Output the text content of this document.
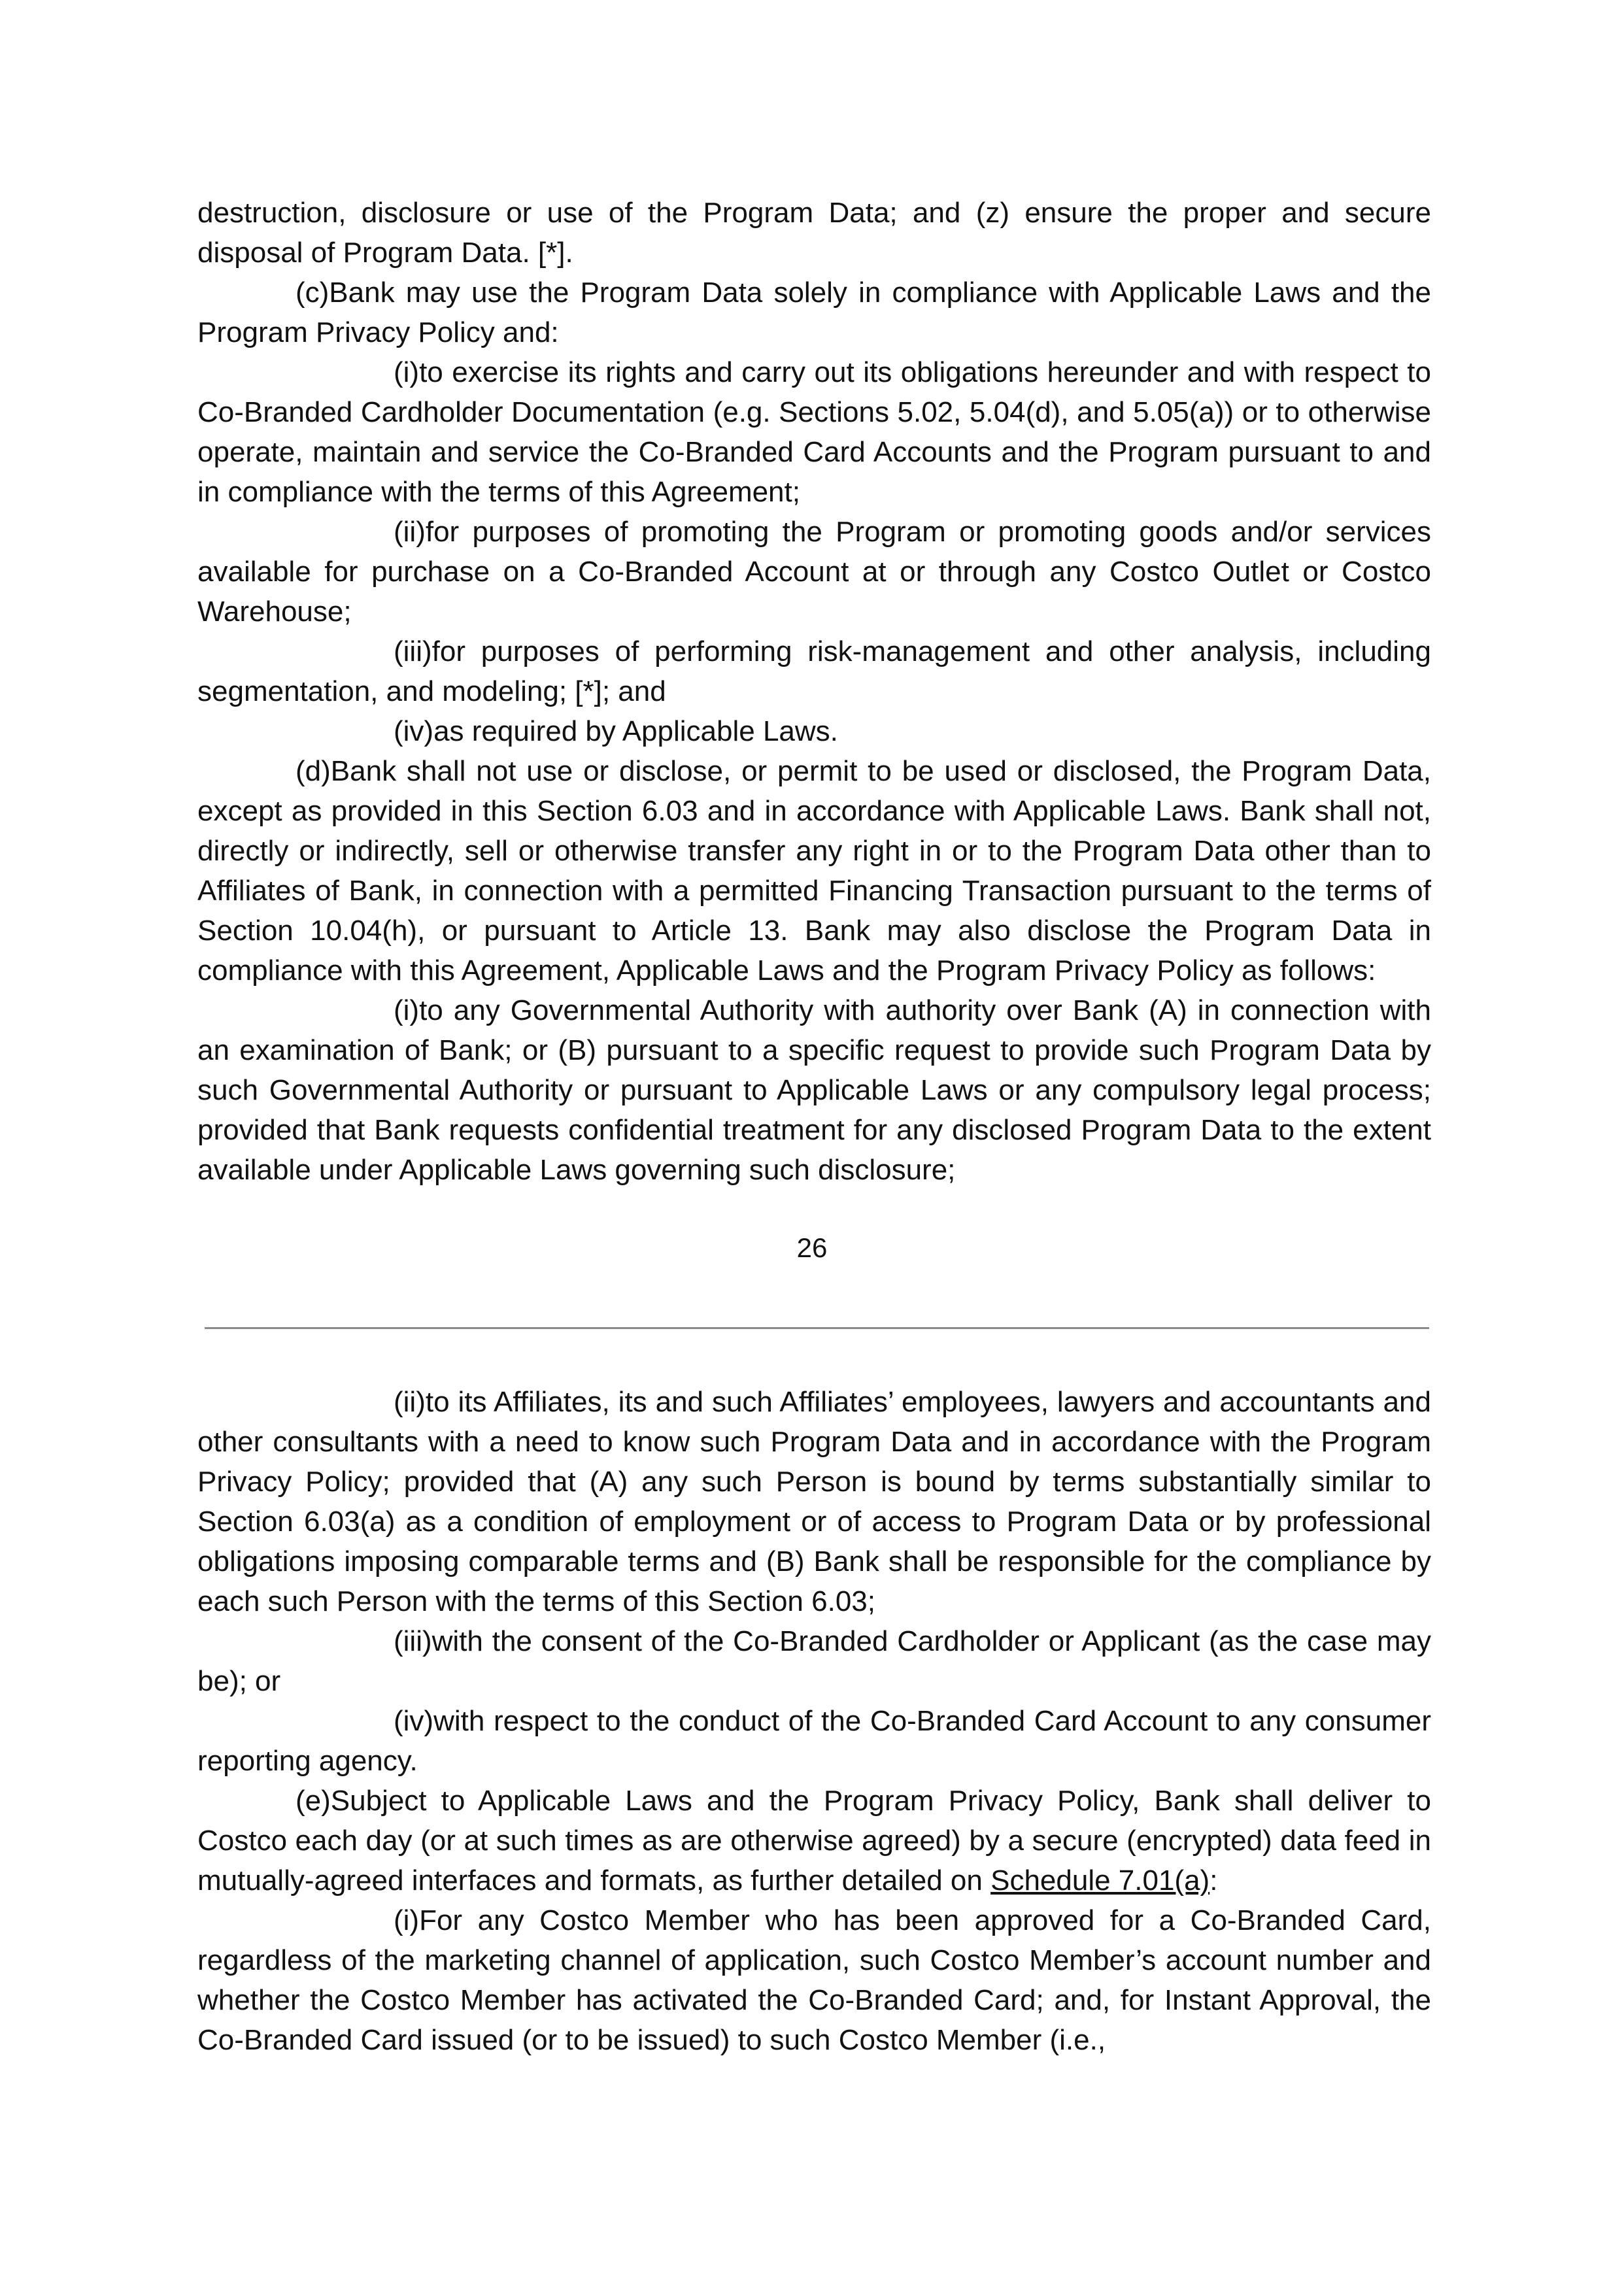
destruction, disclosure or use of the Program Data; and (z) ensure the proper and secure disposal of Program Data. [*].

(c)Bank may use the Program Data solely in compliance with Applicable Laws and the Program Privacy Policy and:

(i)to exercise its rights and carry out its obligations hereunder and with respect to Co-Branded Cardholder Documentation (e.g. Sections 5.02, 5.04(d), and 5.05(a)) or to otherwise operate, maintain and service the Co-Branded Card Accounts and the Program pursuant to and in compliance with the terms of this Agreement;

(ii)for purposes of promoting the Program or promoting goods and/or services available for purchase on a Co-Branded Account at or through any Costco Outlet or Costco Warehouse;

(iii)for purposes of performing risk-management and other analysis, including segmentation, and modeling; [*]; and

(iv)as required by Applicable Laws.

(d)Bank shall not use or disclose, or permit to be used or disclosed, the Program Data, except as provided in this Section 6.03 and in accordance with Applicable Laws. Bank shall not, directly or indirectly, sell or otherwise transfer any right in or to the Program Data other than to Affiliates of Bank, in connection with a permitted Financing Transaction pursuant to the terms of Section 10.04(h), or pursuant to Article 13. Bank may also disclose the Program Data in compliance with this Agreement, Applicable Laws and the Program Privacy Policy as follows:

(i)to any Governmental Authority with authority over Bank (A) in connection with an examination of Bank; or (B) pursuant to a specific request to provide such Program Data by such Governmental Authority or pursuant to Applicable Laws or any compulsory legal process; provided that Bank requests confidential treatment for any disclosed Program Data to the extent available under Applicable Laws governing such disclosure;

26

(ii)to its Affiliates, its and such Affiliates’ employees, lawyers and accountants and other consultants with a need to know such Program Data and in accordance with the Program Privacy Policy; provided that (A) any such Person is bound by terms substantially similar to Section 6.03(a) as a condition of employment or of access to Program Data or by professional obligations imposing comparable terms and (B) Bank shall be responsible for the compliance by each such Person with the terms of this Section 6.03;

(iii)with the consent of the Co-Branded Cardholder or Applicant (as the case may be); or

(iv)with respect to the conduct of the Co-Branded Card Account to any consumer reporting agency.

(e)Subject to Applicable Laws and the Program Privacy Policy, Bank shall deliver to Costco each day (or at such times as are otherwise agreed) by a secure (encrypted) data feed in mutually-agreed interfaces and formats, as further detailed on Schedule 7.01(a):

(i)For any Costco Member who has been approved for a Co-Branded Card, regardless of the marketing channel of application, such Costco Member’s account number and whether the Costco Member has activated the Co-Branded Card; and, for Instant Approval, the Co-Branded Card issued (or to be issued) to such Costco Member (i.e.,
